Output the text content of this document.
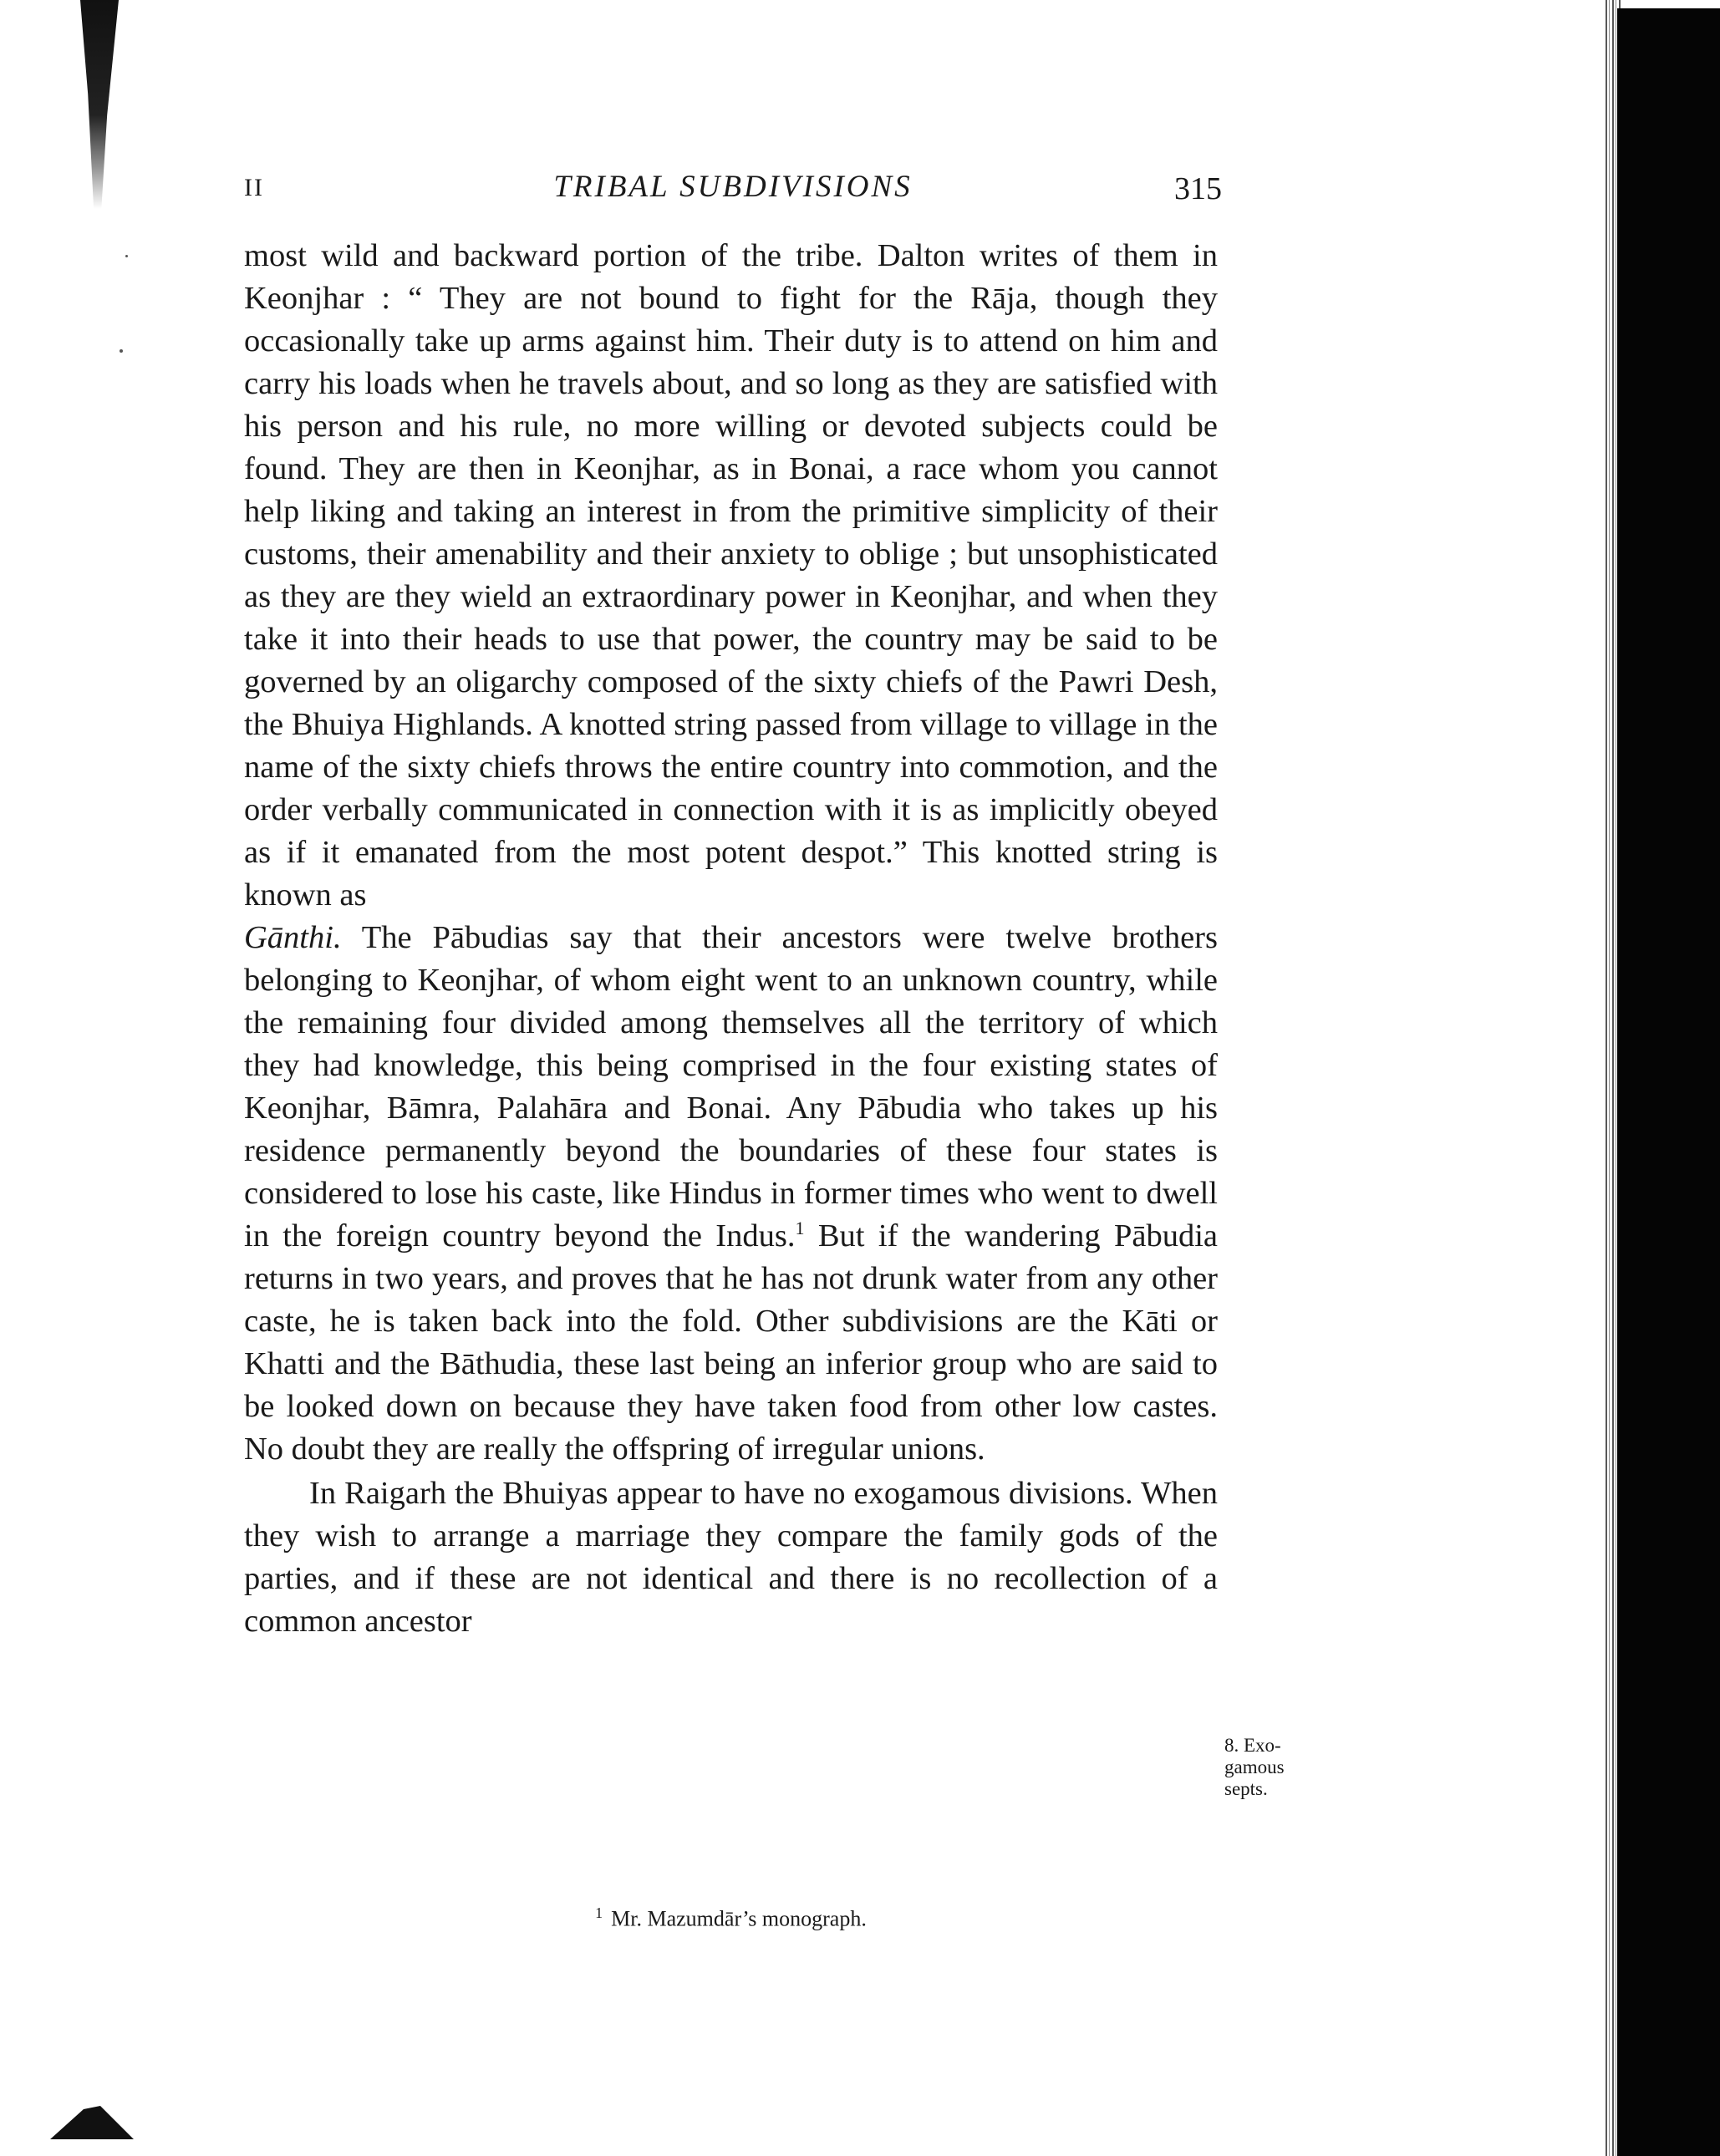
II	TRIBAL SUBDIVISIONS	315

most wild and backward portion of the tribe. Dalton writes of them in Keonjhar : “ They are not bound to fight for the Rāja, though they occasionally take up arms against him. Their duty is to attend on him and carry his loads when he travels about, and so long as they are satisfied with his person and his rule, no more willing or devoted subjects could be found. They are then in Keonjhar, as in Bonai, a race whom you cannot help liking and taking an interest in from the primitive simplicity of their customs, their amenability and their anxiety to oblige ; but unsophisticated as they are they wield an extraordinary power in Keonjhar, and when they take it into their heads to use that power, the country may be said to be governed by an oligarchy composed of the sixty chiefs of the Pawri Desh, the Bhuiya Highlands. A knotted string passed from village to village in the name of the sixty chiefs throws the entire country into commotion, and the order verbally communicated in connection with it is as implicitly obeyed as if it emanated from the most potent despot.” This knotted string is known as
Gānthi. The Pābudias say that their ancestors were twelve brothers belonging to Keonjhar, of whom eight went to an unknown country, while the remaining four divided among themselves all the territory of which they had knowledge, this being comprised in the four existing states of Keonjhar, Bāmra, Palahāra and Bonai. Any Pābudia who takes up his residence permanently beyond the boundaries of these four states is considered to lose his caste, like Hindus in former times who went to dwell in the foreign country beyond the Indus.$^1$ But if the wandering Pābudia returns in two years, and proves that he has not drunk water from any other caste, he is taken back into the fold. Other subdivisions are the Kāti or Khatti and the Bāthudia, these last being an inferior group who are said to be looked down on because they have taken food from other low castes. No doubt they are really the offspring of irregular unions.

In Raigarh the Bhuiyas appear to have no exogamous divisions. When they wish to arrange a marriage they compare the family gods of the parties, and if these are not identical and there is no recollection of a common ancestor

8. Exo-
gamous
septs.
$^1$ Mr. Mazumdār’s monograph.
